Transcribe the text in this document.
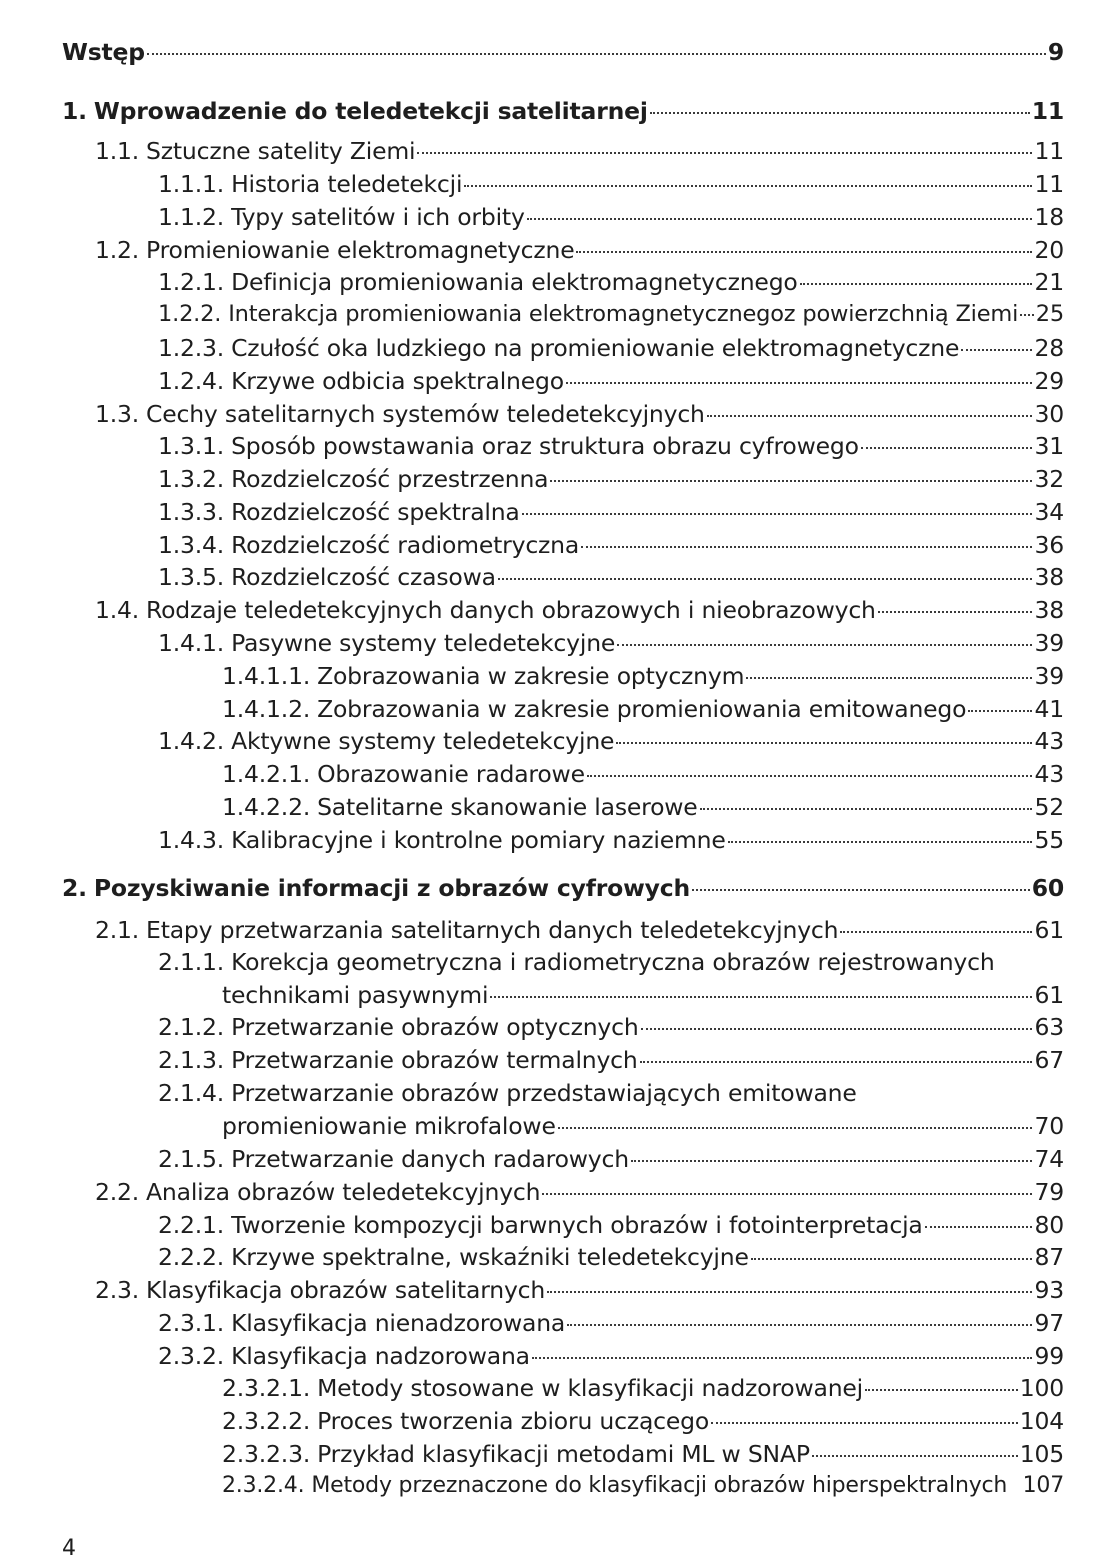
Wstęp	9
1. Wprowadzenie do teledetekcji satelitarnej	11
1.1. Sztuczne satelity Ziemi	11
1.1.1. Historia teledetekcji	11
1.1.2. Typy satelitów i ich orbity	18
1.2. Promieniowanie elektromagnetyczne	20
1.2.1. Definicja promieniowania elektromagnetycznego	21
1.2.2. Interakcja promieniowania elektromagnetycznegoz powierzchnią Ziemi 25
1.2.3. Czułość oka ludzkiego na promieniowanie elektromagnetyczne	28
1.2.4. Krzywe odbicia spektralnego	29
1.3. Cechy satelitarnych systemów teledetekcyjnych	30
1.3.1. Sposób powstawania oraz struktura obrazu cyfrowego	31
1.3.2. Rozdzielczość przestrzenna	32
1.3.3. Rozdzielczość spektralna	34
1.3.4. Rozdzielczość radiometryczna	36
1.3.5. Rozdzielczość czasowa	38
1.4. Rodzaje teledetekcyjnych danych obrazowych i nieobrazowych	38
1.4.1. Pasywne systemy teledetekcyjne	39
1.4.1.1. Zobrazowania w zakresie optycznym	39
1.4.1.2. Zobrazowania w zakresie promieniowania emitowanego	41
1.4.2. Aktywne systemy teledetekcyjne	43
1.4.2.1. Obrazowanie radarowe	43
1.4.2.2. Satelitarne skanowanie laserowe	52
1.4.3. Kalibracyjne i kontrolne pomiary naziemne	55
2. Pozyskiwanie informacji z obrazów cyfrowych	60
2.1. Etapy przetwarzania satelitarnych danych teledetekcyjnych	61
2.1.1. Korekcja geometryczna i radiometryczna obrazów rejestrowanych
technikami pasywnymi	61
2.1.2. Przetwarzanie obrazów optycznych	63
2.1.3. Przetwarzanie obrazów termalnych	67
2.1.4. Przetwarzanie obrazów przedstawiających emitowane
promieniowanie mikrofalowe	70
2.1.5. Przetwarzanie danych radarowych	74
2.2. Analiza obrazów teledetekcyjnych	79
2.2.1. Tworzenie kompozycji barwnych obrazów i fotointerpretacja	80
2.2.2. Krzywe spektralne, wskaźniki teledetekcyjne	87
2.3. Klasyfikacja obrazów satelitarnych	93
2.3.1. Klasyfikacja nienadzorowana	97
2.3.2. Klasyfikacja nadzorowana	99
2.3.2.1. Metody stosowane w klasyfikacji nadzorowanej	100
2.3.2.2. Proces tworzenia zbioru uczącego	104
2.3.2.3. Przykład klasyfikacji metodami ML w SNAP	105
2.3.2.4. Metody przeznaczone do klasyfikacji obrazów hiperspektralnych 107
4
